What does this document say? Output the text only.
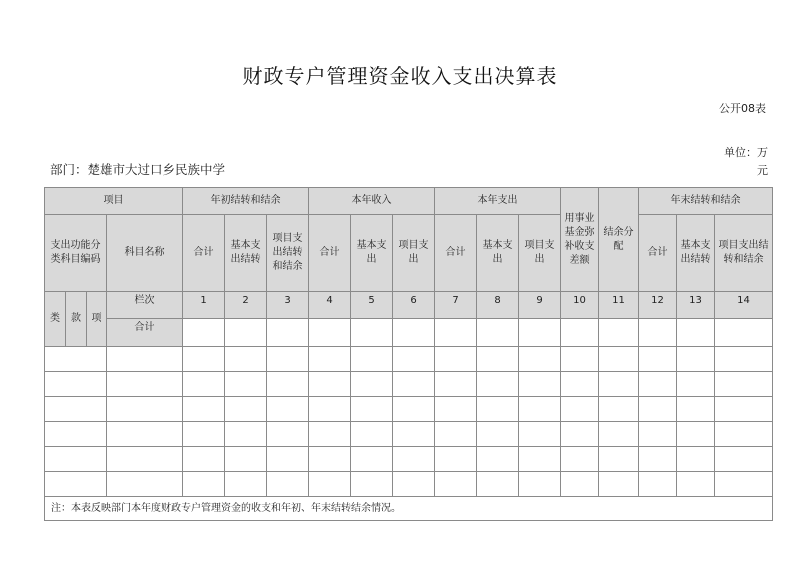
财政专户管理资金收入支出决算表
公开08表
单位：万元
部门：楚雄市大过口乡民族中学
项目				年初结转和结余			本年收入			本年支出			用事业基金弥补收支差额	结余分配	年末结转和结余		
支出功能分类科目编码			科目名称	合计	基本支出结转	项目支出结转和结余	合计	基本支出	项目支出	合计	基本支出	项目支出			合计	基本支出结转	项目支出结转和结余
类	款	项	栏次	1	2	3	4	5	6	7	8	9	10	11	12	13	14
			合计														

注：本表反映部门本年度财政专户管理资金的收支和年初、年末结转结余情况。																	
